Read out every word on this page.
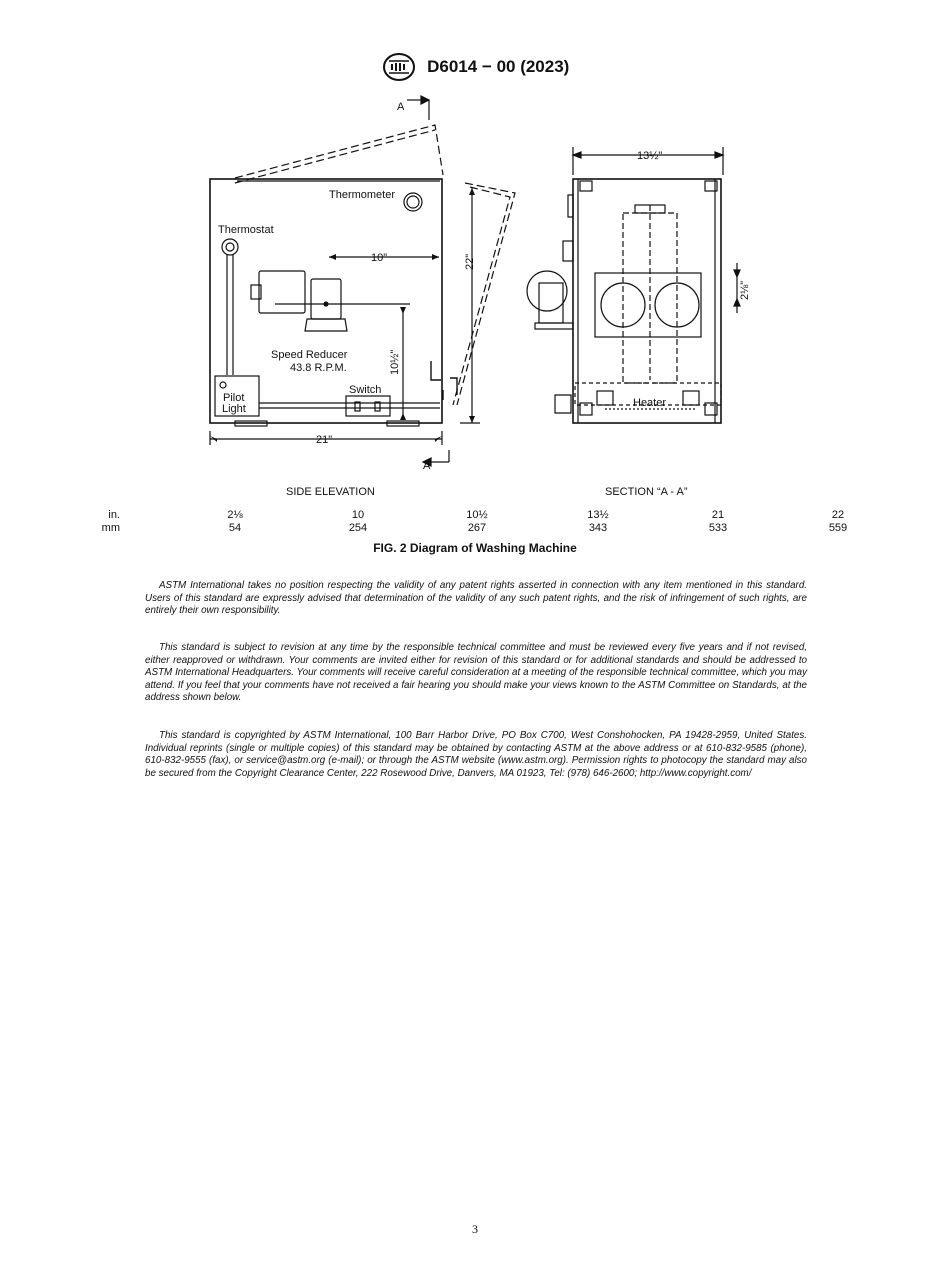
D6014 − 00 (2023)
A
A
Thermometer
Thermostat
Speed Reducer
43.8 R.P.M.
Switch
Pilot
Light	Heater
10"
10½"
21"
22"
13½"
2⅛"
SIDE ELEVATION	SECTION “A - A”
in.	2⅛	10	10½	13½	21	22
mm	54	254	267	343	533	559
FIG. 2 Diagram of Washing Machine

ASTM International takes no position respecting the validity of any patent rights asserted in connection with any item mentioned in this standard. Users of this standard are expressly advised that determination of the validity of any such patent rights, and the risk of infringement of such rights, are entirely their own responsibility.

This standard is subject to revision at any time by the responsible technical committee and must be reviewed every five years and if not revised, either reapproved or withdrawn. Your comments are invited either for revision of this standard or for additional standards and should be addressed to ASTM International Headquarters. Your comments will receive careful consideration at a meeting of the responsible technical committee, which you may attend. If you feel that your comments have not received a fair hearing you should make your views known to the ASTM Committee on Standards, at the address shown below.

This standard is copyrighted by ASTM International, 100 Barr Harbor Drive, PO Box C700, West Conshohocken, PA 19428-2959, United States. Individual reprints (single or multiple copies) of this standard may be obtained by contacting ASTM at the above address or at 610-832-9585 (phone), 610-832-9555 (fax), or service@astm.org (e-mail); or through the ASTM website (www.astm.org). Permission rights to photocopy the standard may also be secured from the Copyright Clearance Center, 222 Rosewood Drive, Danvers, MA 01923, Tel: (978) 646-2600; http://www.copyright.com/

3
